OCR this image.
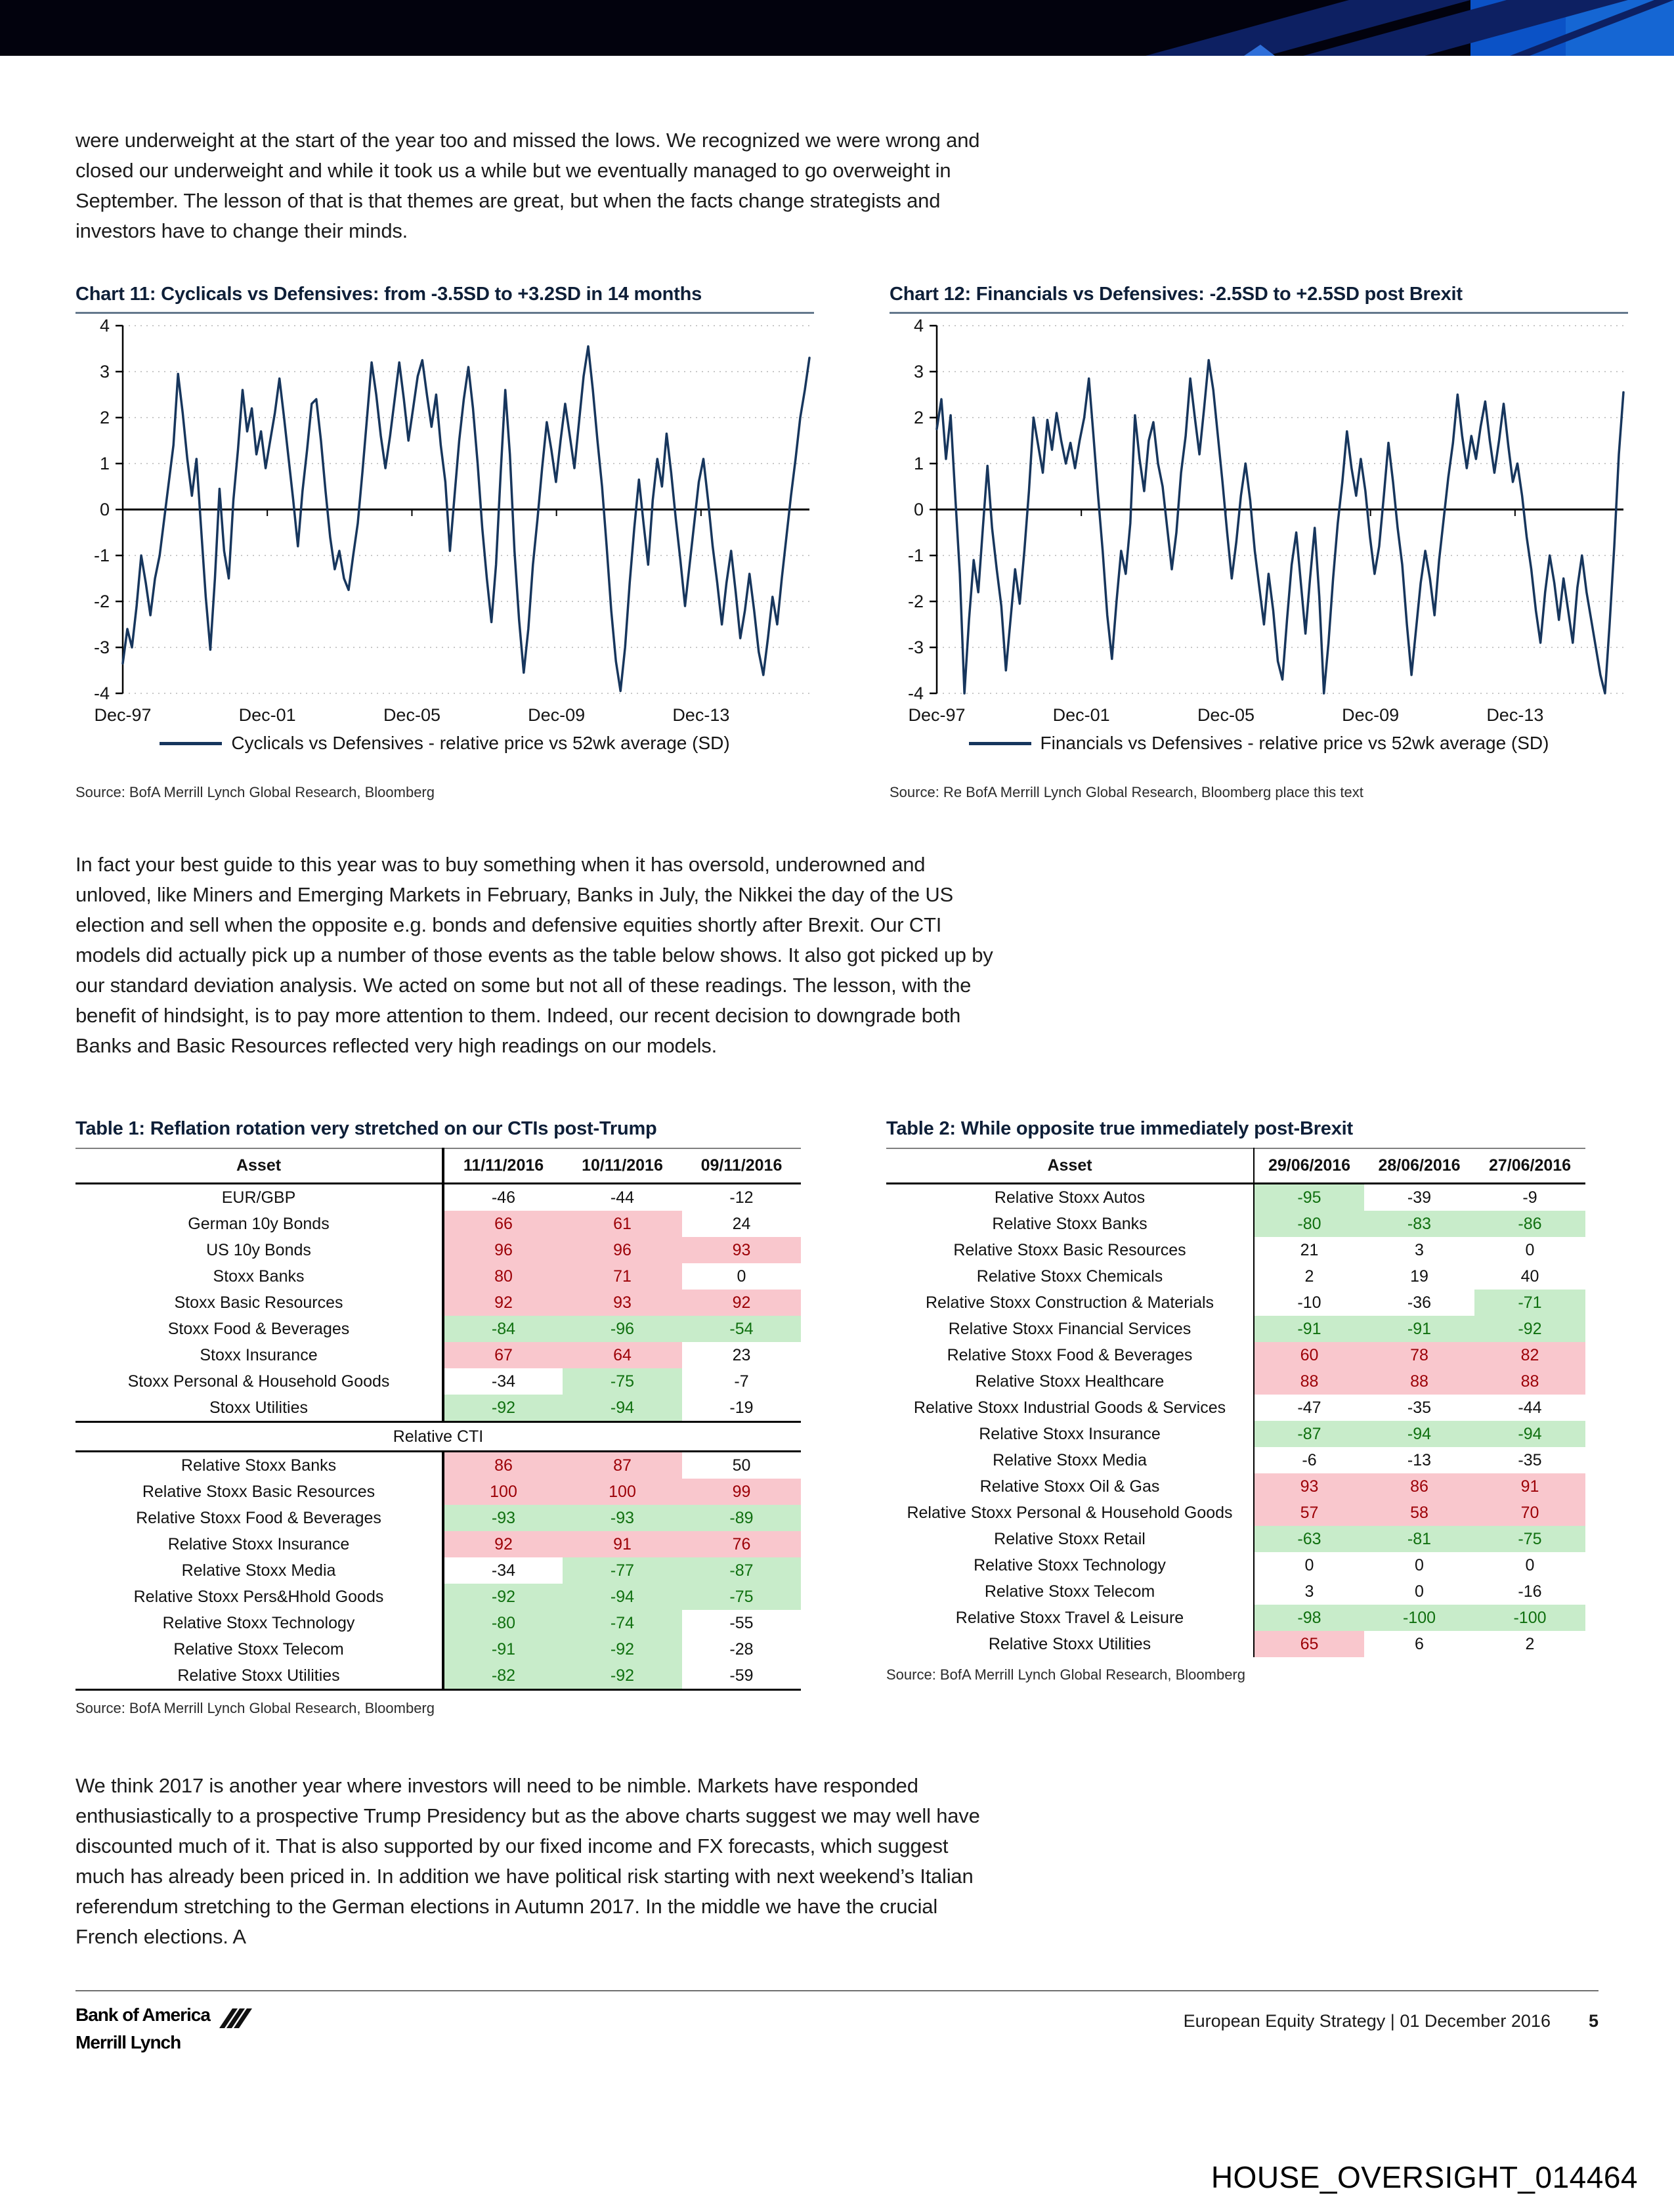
were underweight at the start of the year too and missed the lows. We recognized we were wrong and closed our underweight and while it took us a while but we eventually managed to go overweight in September. The lesson of that is that themes are great, but when the facts change strategists and investors have to change their minds.

Chart 11: Cyclicals vs Defensives: from -3.5SD to +3.2SD in 14 months
4
3
2
1
0
-1
-2
-3
-4
Dec-97	Dec-01	Dec-05	Dec-09	Dec-13
Cyclicals vs Defensives - relative price vs 52wk average (SD)
Source: BofA Merrill Lynch Global Research, Bloomberg
Chart 12: Financials vs Defensives: -2.5SD to +2.5SD post Brexit
4
3
2
1
0
-1
-2
-3
-4
Dec-97	Dec-01	Dec-05	Dec-09	Dec-13
Financials vs Defensives - relative price vs 52wk average (SD)
Source: Re BofA Merrill Lynch Global Research, Bloomberg place this text

In fact your best guide to this year was to buy something when it has oversold, underowned and unloved, like Miners and Emerging Markets in February, Banks in July, the Nikkei the day of the US election and sell when the opposite e.g. bonds and defensive equities shortly after Brexit. Our CTI models did actually pick up a number of those events as the table below shows. It also got picked up by our standard deviation analysis. We acted on some but not all of these readings. The lesson, with the benefit of hindsight, is to pay more attention to them. Indeed, our recent decision to downgrade both Banks and Basic Resources reflected very high readings on our models.

Table 1: Reflation rotation very stretched on our CTIs post-Trump
Asset	11/11/2016	10/11/2016	09/11/2016
EUR/GBP	-46	-44	-12
German 10y Bonds	66	61	24
US 10y Bonds	96	96	93
Stoxx Banks	80	71	0
Stoxx Basic Resources	92	93	92
Stoxx Food & Beverages	-84	-96	-54
Stoxx Insurance	67	64	23
Stoxx Personal & Household Goods	-34	-75	-7
Stoxx Utilities	-92	-94	-19
Relative CTI			
Relative Stoxx Banks	86	87	50
Relative Stoxx Basic Resources	100	100	99
Relative Stoxx Food & Beverages	-93	-93	-89
Relative Stoxx Insurance	92	91	76
Relative Stoxx Media	-34	-77	-87
Relative Stoxx Pers&Hhold Goods	-92	-94	-75
Relative Stoxx Technology	-80	-74	-55
Relative Stoxx Telecom	-91	-92	-28
Relative Stoxx Utilities	-82	-92	-59
Source: BofA Merrill Lynch Global Research, Bloomberg
Table 2: While opposite true immediately post-Brexit
Asset	29/06/2016	28/06/2016	27/06/2016
Relative Stoxx Autos	-95	-39	-9
Relative Stoxx Banks	-80	-83	-86
Relative Stoxx Basic Resources	21	3	0
Relative Stoxx Chemicals	2	19	40
Relative Stoxx Construction & Materials	-10	-36	-71
Relative Stoxx Financial Services	-91	-91	-92
Relative Stoxx Food & Beverages	60	78	82
Relative Stoxx Healthcare	88	88	88
Relative Stoxx Industrial Goods & Services	-47	-35	-44
Relative Stoxx Insurance	-87	-94	-94
Relative Stoxx Media	-6	-13	-35
Relative Stoxx Oil & Gas	93	86	91
Relative Stoxx Personal & Household Goods	57	58	70
Relative Stoxx Retail	-63	-81	-75
Relative Stoxx Technology	0	0	0
Relative Stoxx Telecom	3	0	-16
Relative Stoxx Travel & Leisure	-98	-100	-100
Relative Stoxx Utilities	65	6	2
Source: BofA Merrill Lynch Global Research, Bloomberg

We think 2017 is another year where investors will need to be nimble. Markets have responded enthusiastically to a prospective Trump Presidency but as the above charts suggest we may well have discounted much of it. That is also supported by our fixed income and FX forecasts, which suggest much has already been priced in. In addition we have political risk starting with next weekend’s Italian referendum stretching to the German elections in Autumn 2017. In the middle we have the crucial French elections. A

Bank of America
Merrill Lynch
European Equity Strategy | 01 December 2016 5
HOUSE_OVERSIGHT_014464
